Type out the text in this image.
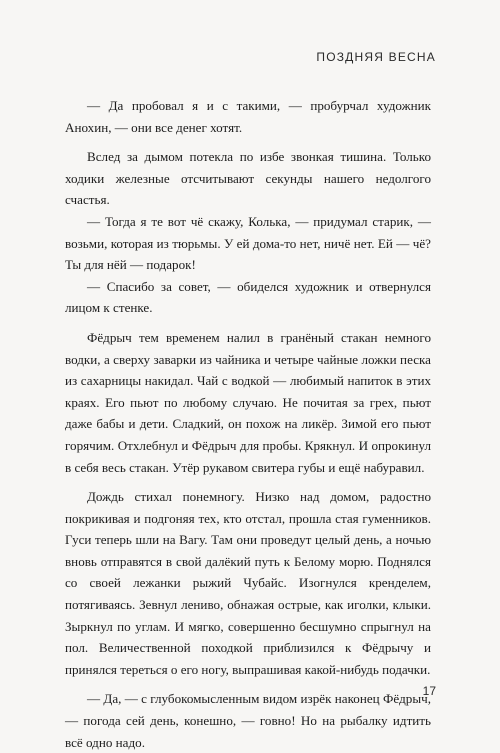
ПОЗДНЯЯ ВЕСНА

— Да пробовал я и с такими, — пробурчал художник Анохин, — они все денег хотят.

Вслед за дымом потекла по избе звонкая тишина. Только ходики железные отсчитывают секунды нашего недолгого счастья.

— Тогда я те вот чё скажу, Колька, — придумал старик, — возьми, которая из тюрьмы. У ей дома-то нет, ничё нет. Ей — чё? Ты для нёй — подарок!

— Спасибо за совет, — обиделся художник и отвернулся лицом к стенке.

Фёдрыч тем временем налил в гранёный стакан немного водки, а сверху заварки из чайника и четыре чайные ложки песка из сахарницы накидал. Чай с водкой — любимый напиток в этих краях. Его пьют по любому случаю. Не почитая за грех, пьют даже бабы и дети. Сладкий, он похож на ликёр. Зимой его пьют горячим. Отхлебнул и Фёдрыч для пробы. Крякнул. И опрокинул в себя весь стакан. Утёр рукавом свитера губы и ещё набуравил.

Дождь стихал понемногу. Низко над домом, радостно покрикивая и подгоняя тех, кто отстал, прошла стая гуменников. Гуси теперь шли на Вагу. Там они проведут целый день, а ночью вновь отправятся в свой далёкий путь к Белому морю. Поднялся со своей лежанки рыжий Чубайс. Изогнулся кренделем, потягиваясь. Зевнул лениво, обнажая острые, как иголки, клыки. Зыркнул по углам. И мягко, совершенно бесшумно спрыгнул на пол. Величественной походкой приблизился к Фёдрычу и принялся тереться о его ногу, выпрашивая какой-нибудь подачки.

— Да, — с глубокомысленным видом изрёк наконец Фёдрыч, — погода сей день, конешно, — говно! Но на рыбалку идтить всё одно надо.

17
